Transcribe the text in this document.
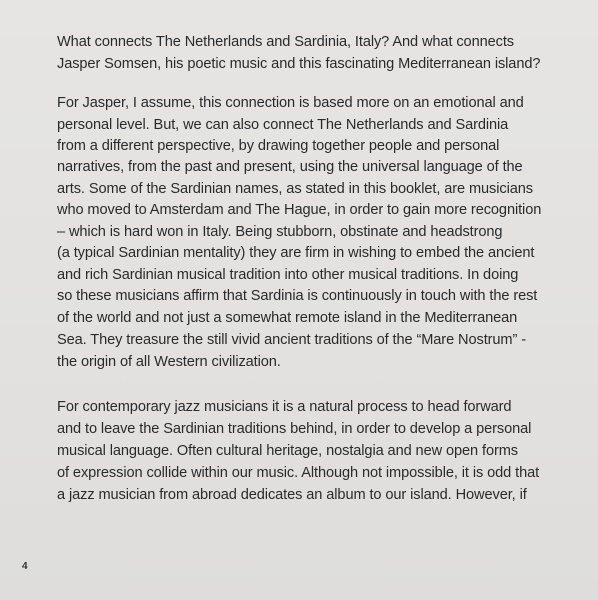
What connects The Netherlands and Sardinia, Italy? And what connects
Jasper Somsen, his poetic music and this fascinating Mediterranean island?
For Jasper, I assume, this connection is based more on an emotional and
personal level. But, we can also connect The Netherlands and Sardinia
from a different perspective, by drawing together people and personal
narratives, from the past and present, using the universal language of the
arts. Some of the Sardinian names, as stated in this booklet, are musicians
who moved to Amsterdam and The Hague, in order to gain more recognition
– which is hard won in Italy. Being stubborn, obstinate and headstrong
(a typical Sardinian mentality) they are firm in wishing to embed the ancient
and rich Sardinian musical tradition into other musical traditions. In doing
so these musicians affirm that Sardinia is continuously in touch with the rest
of the world and not just a somewhat remote island in the Mediterranean
Sea. They treasure the still vivid ancient traditions of the “Mare Nostrum” -
the origin of all Western civilization.
For contemporary jazz musicians it is a natural process to head forward
and to leave the Sardinian traditions behind, in order to develop a personal
musical language. Often cultural heritage, nostalgia and new open forms
of expression collide within our music. Although not impossible, it is odd that
a jazz musician from abroad dedicates an album to our island. However, if
4
